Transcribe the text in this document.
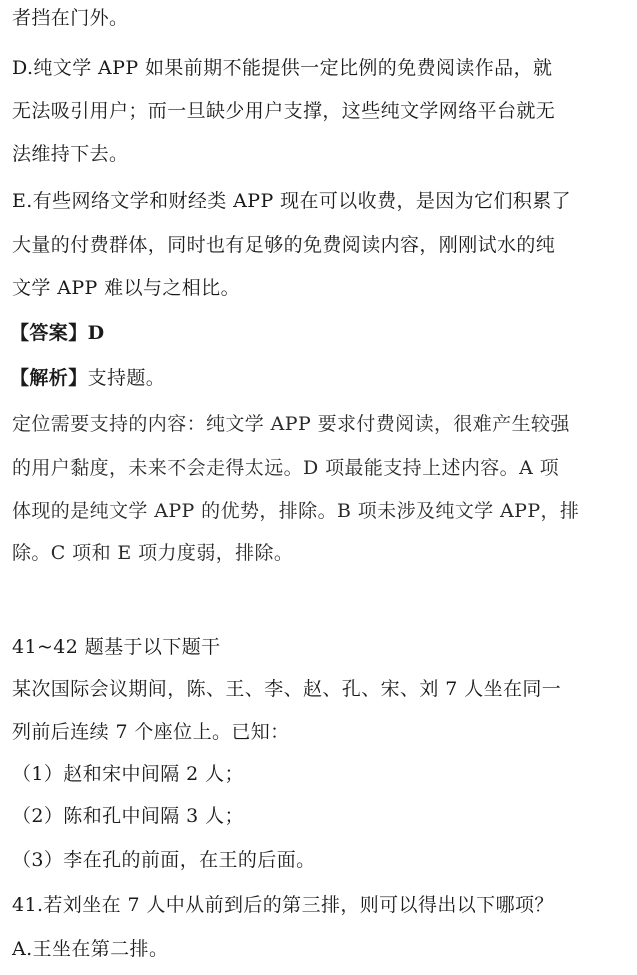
者挡在门外。
D.纯文学 APP 如果前期不能提供一定比例的免费阅读作品，就
无法吸引用户；而一旦缺少用户支撑，这些纯文学网络平台就无
法维持下去。
E.有些网络文学和财经类 APP 现在可以收费，是因为它们积累了
大量的付费群体，同时也有足够的免费阅读内容，刚刚试水的纯
文学 APP 难以与之相比。
【答案】D
【解析】支持题。
定位需要支持的内容：纯文学 APP 要求付费阅读，很难产生较强
的用户黏度，未来不会走得太远。D 项最能支持上述内容。A 项
体现的是纯文学 APP 的优势，排除。B 项未涉及纯文学 APP，排
除。C 项和 E 项力度弱，排除。
41~42 题基于以下题干
某次国际会议期间，陈、王、李、赵、孔、宋、刘 7 人坐在同一
列前后连续 7 个座位上。已知：
（1）赵和宋中间隔 2 人；
（2）陈和孔中间隔 3 人；
（3）李在孔的前面，在王的后面。
41.若刘坐在 7 人中从前到后的第三排，则可以得出以下哪项？
A.王坐在第二排。
